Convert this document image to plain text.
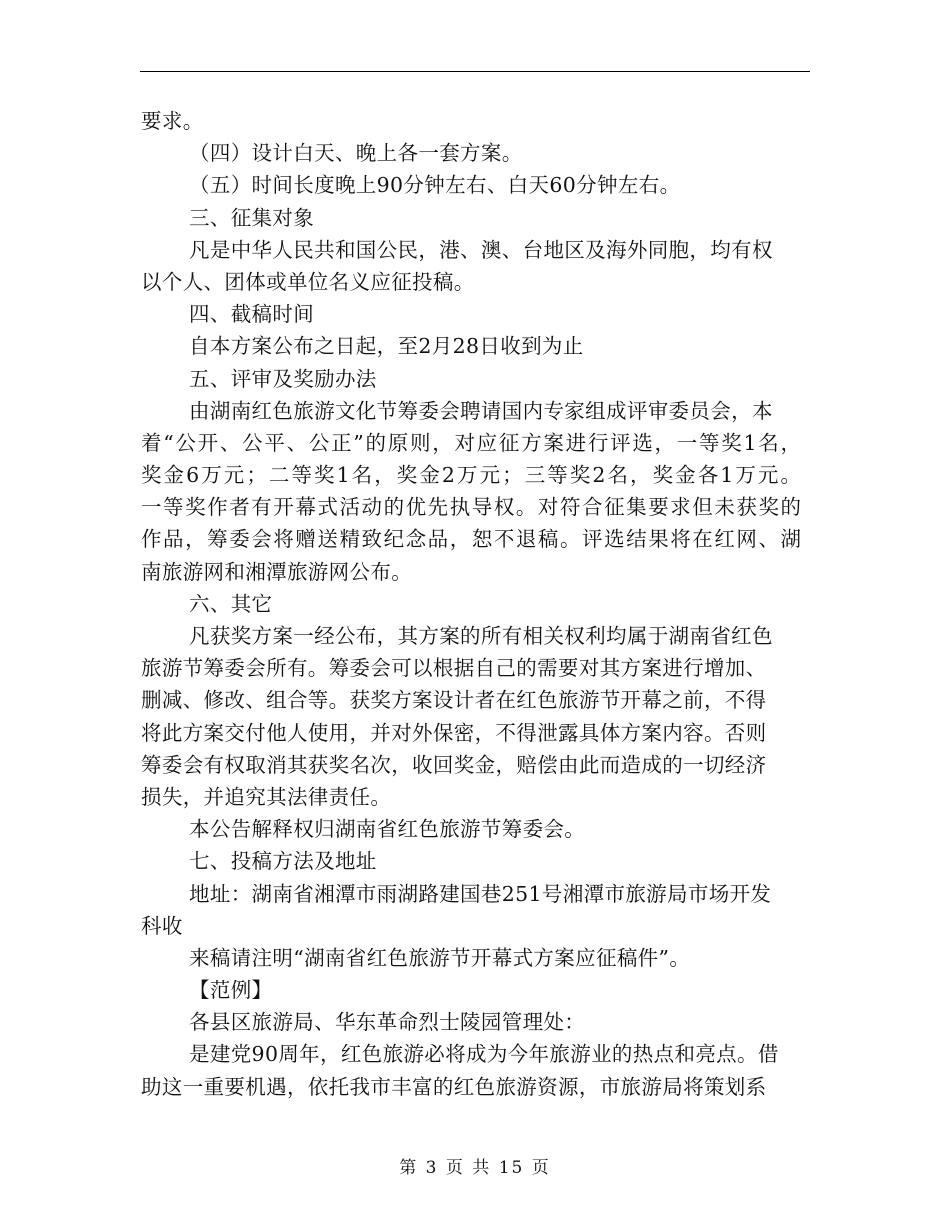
要求。
（四）设计白天、晚上各一套方案。
（五）时间长度晚上90分钟左右、白天60分钟左右。
三、征集对象
凡是中华人民共和国公民，港、澳、台地区及海外同胞，均有权
以个人、团体或单位名义应征投稿。
四、截稿时间
自本方案公布之日起，至2月28日收到为止
五、评审及奖励办法
由湖南红色旅游文化节筹委会聘请国内专家组成评审委员会，本
着“公开、公平、公正”的原则，对应征方案进行评选，一等奖1名，
奖金6万元；二等奖1名，奖金2万元；三等奖2名，奖金各1万元。
一等奖作者有开幕式活动的优先执导权。对符合征集要求但未获奖的
作品，筹委会将赠送精致纪念品，恕不退稿。评选结果将在红网、湖
南旅游网和湘潭旅游网公布。
六、其它
凡获奖方案一经公布，其方案的所有相关权利均属于湖南省红色
旅游节筹委会所有。筹委会可以根据自己的需要对其方案进行增加、
删减、修改、组合等。获奖方案设计者在红色旅游节开幕之前，不得
将此方案交付他人使用，并对外保密，不得泄露具体方案内容。否则
筹委会有权取消其获奖名次，收回奖金，赔偿由此而造成的一切经济
损失，并追究其法律责任。
本公告解释权归湖南省红色旅游节筹委会。
七、投稿方法及地址
地址：湖南省湘潭市雨湖路建国巷251号湘潭市旅游局市场开发
科收
来稿请注明“湖南省红色旅游节开幕式方案应征稿件”。
【范例】
各县区旅游局、华东革命烈士陵园管理处：
是建党90周年，红色旅游必将成为今年旅游业的热点和亮点。借
助这一重要机遇，依托我市丰富的红色旅游资源，市旅游局将策划系
第 3 页 共 15 页
